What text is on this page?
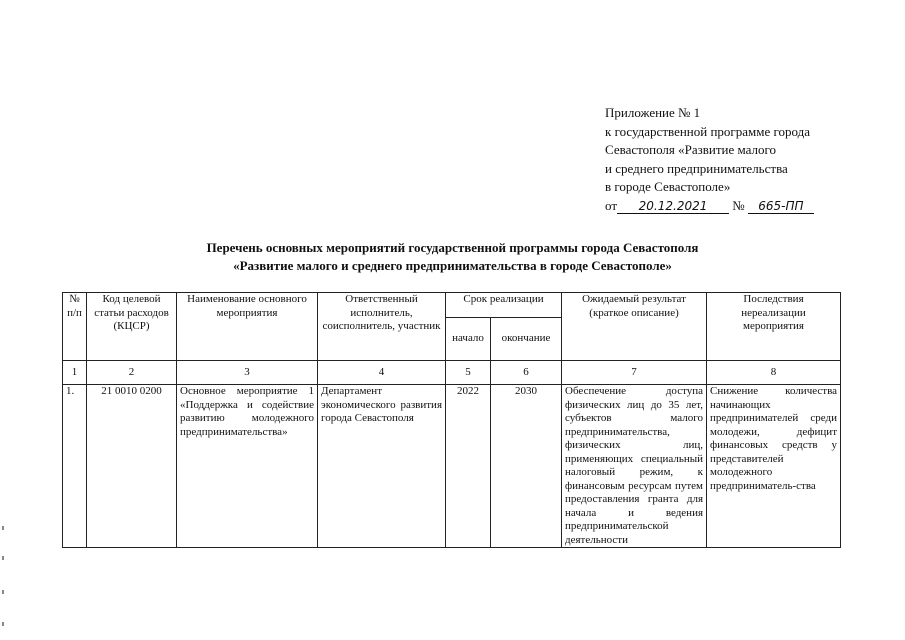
Приложение № 1
к государственной программе города
Севастополя «Развитие малого
и среднего предпринимательства
в городе Севастополе»
от 20.12.2021 № 665-ПП
Перечень основных мероприятий государственной программы города Севастополя
«Развитие малого и среднего предпринимательства в городе Севастополе»
№ п/п	Код целевой статьи расходов (КЦСР)	Наименование основного мероприятия	Ответственный исполнитель, соисполнитель, участник	Срок реализации		Ожидаемый результат (краткое описание)	Последствия нереализации мероприятия
				начало	окончание		
1	2	3	4	5	6	7	8
1.	21 0010 0200	Основное мероприятие 1 «Поддержка и содействие развитию молодежного предпринимательства»	Департамент экономического развития города Севастополя	2022	2030	Обеспечение доступа физических лиц до 35 лет, субъектов малого предпринимательства, физических лиц, применяющих специальный налоговый режим, к финансовым ресурсам путем предоставления гранта для начала и ведения предпринимательской деятельности	Снижение количества начинающих предпринимателей среди молодежи, дефицит финансовых средств у представителей молодежного предприниматель-ства
